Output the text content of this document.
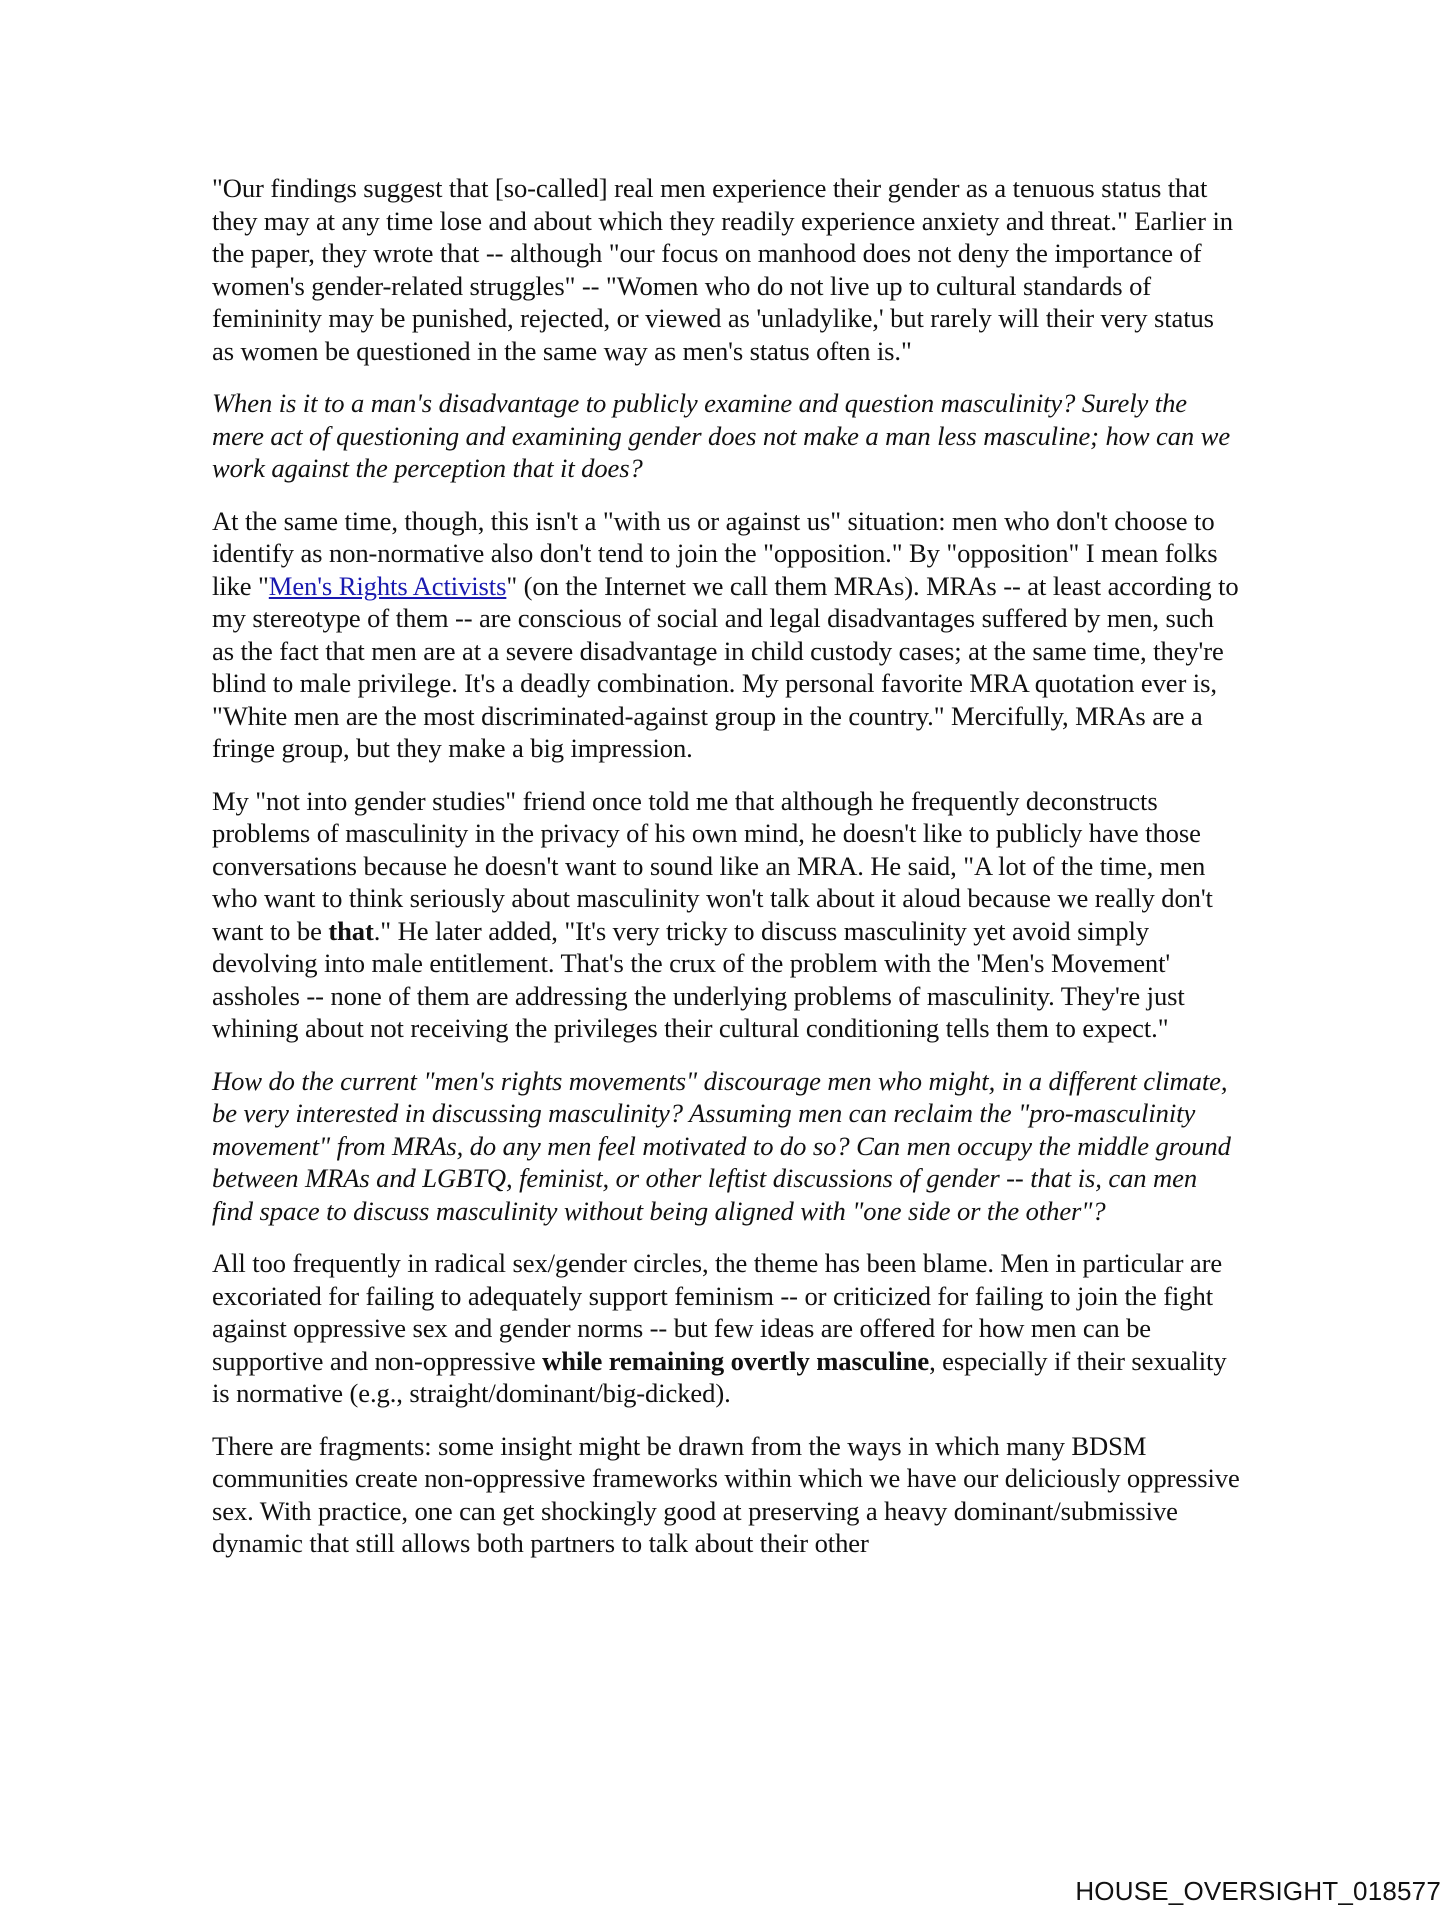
"Our findings suggest that [so-called] real men experience their gender as a tenuous status that they may at any time lose and about which they readily experience anxiety and threat." Earlier in the paper, they wrote that -- although "our focus on manhood does not deny the importance of women's gender-related struggles" -- "Women who do not live up to cultural standards of femininity may be punished, rejected, or viewed as 'unladylike,' but rarely will their very status as women be questioned in the same way as men's status often is."

When is it to a man's disadvantage to publicly examine and question masculinity? Surely the mere act of questioning and examining gender does not make a man less masculine; how can we work against the perception that it does?

At the same time, though, this isn't a "with us or against us" situation: men who don't choose to identify as non-normative also don't tend to join the "opposition." By "opposition" I mean folks like "Men's Rights Activists" (on the Internet we call them MRAs). MRAs -- at least according to my stereotype of them -- are conscious of social and legal disadvantages suffered by men, such as the fact that men are at a severe disadvantage in child custody cases; at the same time, they're blind to male privilege. It's a deadly combination. My personal favorite MRA quotation ever is, "White men are the most discriminated-against group in the country." Mercifully, MRAs are a fringe group, but they make a big impression.

My "not into gender studies" friend once told me that although he frequently deconstructs problems of masculinity in the privacy of his own mind, he doesn't like to publicly have those conversations because he doesn't want to sound like an MRA. He said, "A lot of the time, men who want to think seriously about masculinity won't talk about it aloud because we really don't want to be that." He later added, "It's very tricky to discuss masculinity yet avoid simply devolving into male entitlement. That's the crux of the problem with the 'Men's Movement' assholes -- none of them are addressing the underlying problems of masculinity. They're just whining about not receiving the privileges their cultural conditioning tells them to expect."

How do the current "men's rights movements" discourage men who might, in a different climate, be very interested in discussing masculinity? Assuming men can reclaim the "pro-masculinity movement" from MRAs, do any men feel motivated to do so? Can men occupy the middle ground between MRAs and LGBTQ, feminist, or other leftist discussions of gender -- that is, can men find space to discuss masculinity without being aligned with "one side or the other"?

All too frequently in radical sex/gender circles, the theme has been blame. Men in particular are excoriated for failing to adequately support feminism -- or criticized for failing to join the fight against oppressive sex and gender norms -- but few ideas are offered for how men can be supportive and non-oppressive while remaining overtly masculine, especially if their sexuality is normative (e.g., straight/dominant/big-dicked).

There are fragments: some insight might be drawn from the ways in which many BDSM communities create non-oppressive frameworks within which we have our deliciously oppressive sex. With practice, one can get shockingly good at preserving a heavy dominant/submissive dynamic that still allows both partners to talk about their other

HOUSE_OVERSIGHT_018577
